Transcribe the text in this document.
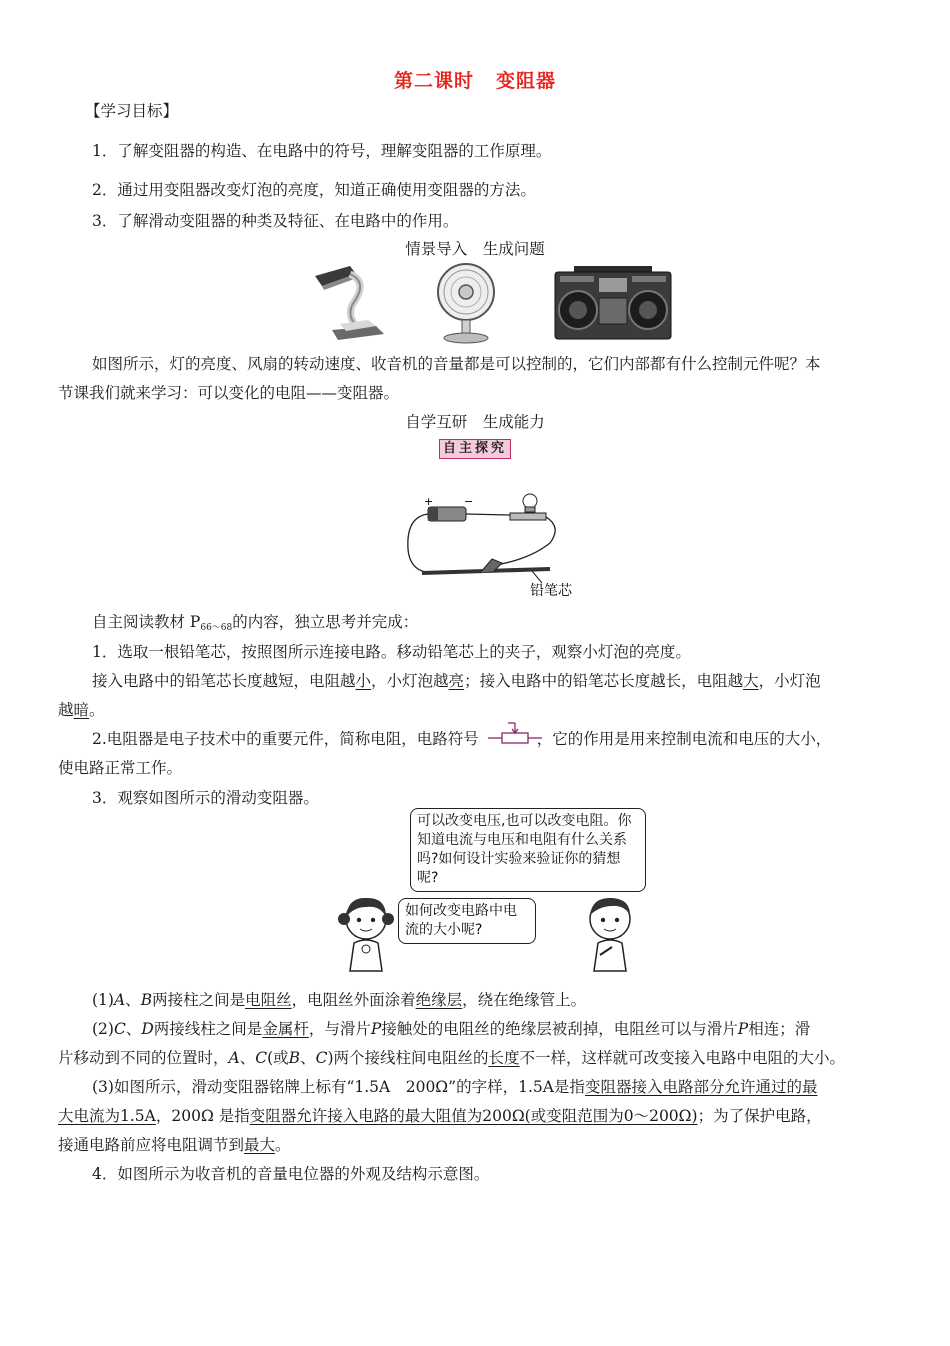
第二课时 变阻器
【学习目标】
1．了解变阻器的构造、在电路中的符号，理解变阻器的工作原理。
2．通过用变阻器改变灯泡的亮度，知道正确使用变阻器的方法。
3．了解滑动变阻器的种类及特征、在电路中的作用。
情景导入　生成问题
如图所示，灯的亮度、风扇的转动速度、收音机的音量都是可以控制的，它们内部都有什么控制元件呢？本
节课我们就来学习：可以变化的电阻——变阻器。
自学互研　生成能力
自主探究
+	−
铅笔芯
自主阅读教材 $P_{66\sim 68}$的内容，独立思考并完成：
1．选取一根铅笔芯，按照图所示连接电路。移动铅笔芯上的夹子，观察小灯泡的亮度。
接入电路中的铅笔芯长度越短，电阻越小，小灯泡越亮；接入电路中的铅笔芯长度越长，电阻越大，小灯泡
越暗。
2.电阻器是电子技术中的重要元件，简称电阻，电路符号	，它的作用是用来控制电流和电压的大小，
使电路正常工作。
3．观察如图所示的滑动变阻器。
可以改变电压,也可以改变电阻。你知道电流与电压和电阻有什么关系吗?如何设计实验来验证你的猜想呢?
如何改变电路中电流的大小呢?
(1)A、B两接柱之间是电阻丝，电阻丝外面涂着绝缘层，绕在绝缘管上。
(2)C、D两接线柱之间是金属杆，与滑片P接触处的电阻丝的绝缘层被刮掉，电阻丝可以与滑片P相连；滑
片移动到不同的位置时，A、C(或B、C)两个接线柱间电阻丝的长度不一样，这样就可改变接入电路中电阻的大小。
(3)如图所示，滑动变阻器铭牌上标有“1.5A　200Ω”的字样，1.5A是指变阻器接入电路部分允许通过的最
大电流为1.5A，200Ω 是指变阻器允许接入电路的最大阻值为200Ω(或变阻范围为0～200Ω)；为了保护电路，
接通电路前应将电阻调节到最大。
4．如图所示为收音机的音量电位器的外观及结构示意图。
